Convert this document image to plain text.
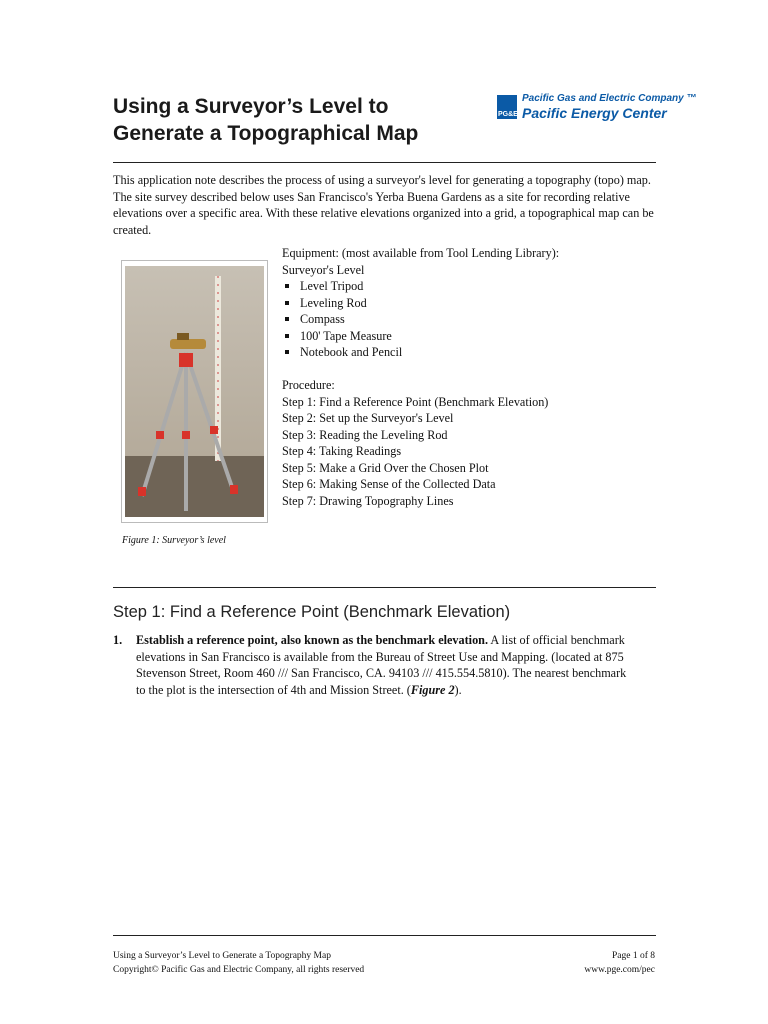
Using a Surveyor’s Level to
Generate a Topographical Map
PG&E
Pacific Gas and Electric Company ™
Pacific Energy Center
This application note describes the process of using a surveyor's level for generating a topography (topo) map. The site survey described below uses San Francisco's Yerba Buena Gardens as a site for recording relative elevations over a specific area. With these relative elevations organized into a grid, a topographical map can be created.
Figure 1: Surveyor’s level
Equipment: (most available from Tool Lending Library):
Surveyor's Level
Level Tripod
Leveling Rod
Compass
100' Tape Measure
Notebook and Pencil
Procedure:
Step 1: Find a Reference Point (Benchmark Elevation)
Step 2: Set up the Surveyor's Level
Step 3: Reading the Leveling Rod
Step 4: Taking Readings
Step 5: Make a Grid Over the Chosen Plot
Step 6: Making Sense of the Collected Data
Step 7: Drawing Topography Lines
Step 1: Find a Reference Point (Benchmark Elevation)
1. Establish a reference point, also known as the benchmark elevation. A list of official benchmark elevations in San Francisco is available from the Bureau of Street Use and Mapping. (located at 875 Stevenson Street, Room 460 /// San Francisco, CA. 94103 /// 415.554.5810). The nearest benchmark to the plot is the intersection of 4th and Mission Street. (Figure 2).
Using a Surveyor’s Level to Generate a Topography Map
Copyright© Pacific Gas and Electric Company, all rights reserved
Page 1 of 8
www.pge.com/pec
